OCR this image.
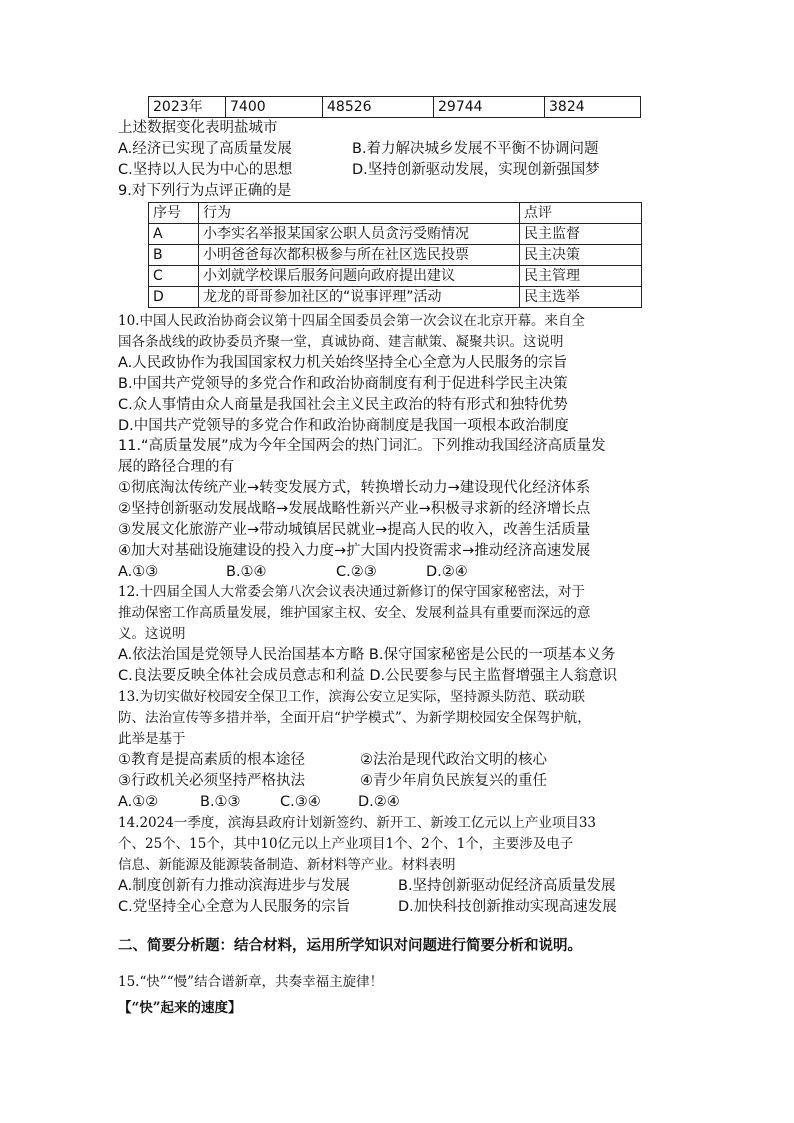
2023年	7400	48526	29744	3824
上述数据变化表明盐城市
A.经济已实现了高质量发展	B.着力解决城乡发展不平衡不协调问题
C.坚持以人民为中心的思想	D.坚持创新驱动发展，实现创新强国梦
9.对下列行为点评正确的是
序号	行为	点评
A	小李实名举报某国家公职人员贪污受贿情况	民主监督
B	小明爸爸每次都积极参与所在社区选民投票	民主决策
C	小刘就学校课后服务问题向政府提出建议	民主管理
D	龙龙的哥哥参加社区的“说事评理”活动	民主选举
10.中国人民政治协商会议第十四届全国委员会第一次会议在北京开幕。来自全
国各条战线的政协委员齐聚一堂，真诚协商、建言献策、凝聚共识。这说明
A.人民政协作为我国国家权力机关始终坚持全心全意为人民服务的宗旨
B.中国共产党领导的多党合作和政治协商制度有利于促进科学民主决策
C.众人事情由众人商量是我国社会主义民主政治的特有形式和独特优势
D.中国共产党领导的多党合作和政治协商制度是我国一项根本政治制度
11.“高质量发展”成为今年全国两会的热门词汇。下列推动我国经济高质量发
展的路径合理的有
①彻底淘汰传统产业→转变发展方式，转换增长动力→建设现代化经济体系
②坚持创新驱动发展战略→发展战略性新兴产业→积极寻求新的经济增长点
③发展文化旅游产业→带动城镇居民就业→提高人民的收入，改善生活质量
④加大对基础设施建设的投入力度→扩大国内投资需求→推动经济高速发展
A.①③	B.①④	C.②③	D.②④
12.十四届全国人大常委会第八次会议表决通过新修订的保守国家秘密法，对于
推动保密工作高质量发展，维护国家主权、安全、发展利益具有重要而深远的意
义。这说明
A.依法治国是党领导人民治国基本方略 B.保守国家秘密是公民的一项基本义务
C.良法要反映全体社会成员意志和利益 D.公民要参与民主监督增强主人翁意识
13.为切实做好校园安全保卫工作，滨海公安立足实际，坚持源头防范、联动联
防、法治宣传等多措并举，全面开启“护学模式”、为新学期校园安全保驾护航，
此举是基于
①教育是提高素质的根本途径	②法治是现代政治文明的核心
③行政机关必须坚持严格执法	④青少年肩负民族复兴的重任
A.①②	B.①③	C.③④	D.②④
14.2024一季度，滨海县政府计划新签约、新开工、新竣工亿元以上产业项目33
个、25个、15个，其中10亿元以上产业项目1个、2个、1个，主要涉及电子
信息、新能源及能源装备制造、新材料等产业。材料表明
A.制度创新有力推动滨海进步与发展	B.坚持创新驱动促经济高质量发展
C.党坚持全心全意为人民服务的宗旨	D.加快科技创新推动实现高速发展
二、简要分析题：结合材料，运用所学知识对问题进行简要分析和说明。
15.“快”“慢”结合谱新章，共奏幸福主旋律！
【“快”起来的速度】
